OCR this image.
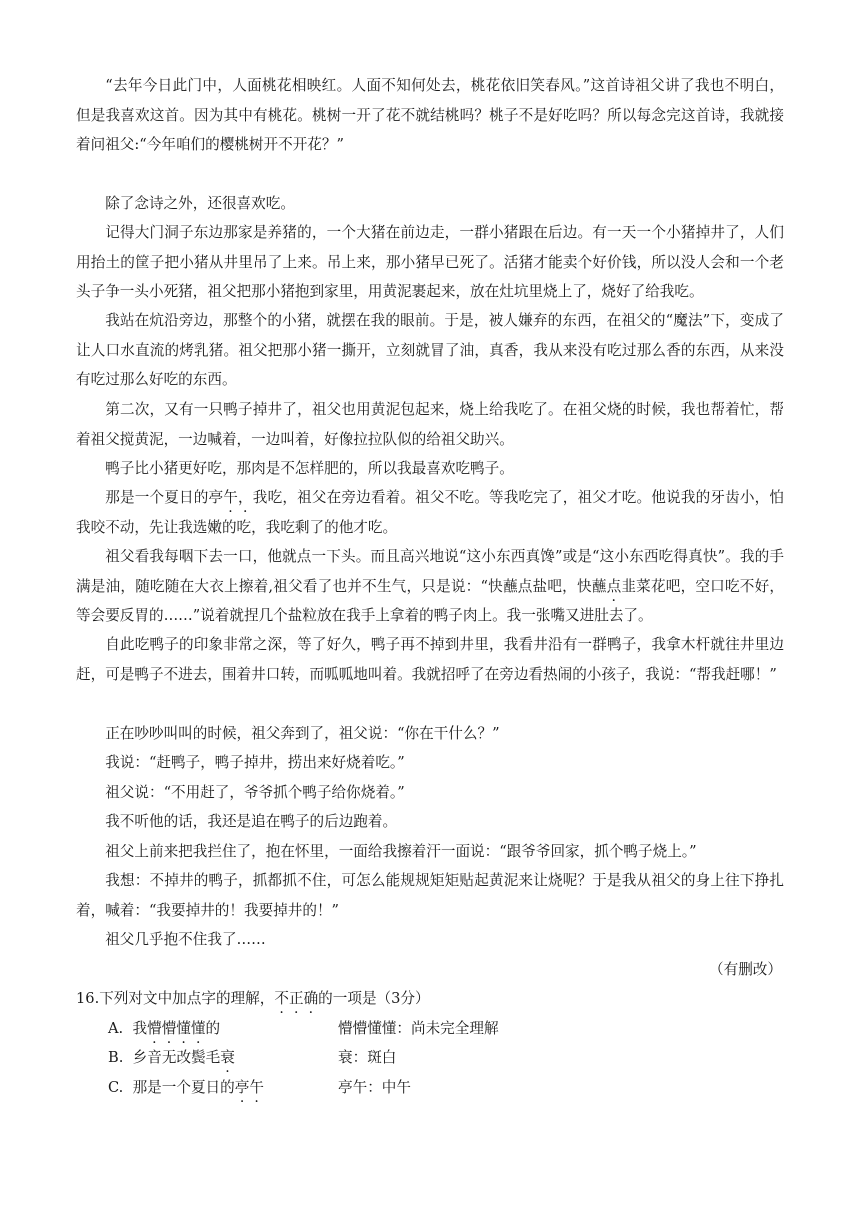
“去年今日此门中，人面桃花相映红。人面不知何处去，桃花依旧笑春风。”这首诗祖父讲了我也不明白，但是我喜欢这首。因为其中有桃花。桃树一开了花不就结桃吗？桃子不是好吃吗？所以每念完这首诗，我就接着问祖父:“今年咱们的樱桃树开不开花？”
除了念诗之外，还很喜欢吃。
记得大门洞子东边那家是养猪的，一个大猪在前边走，一群小猪跟在后边。有一天一个小猪掉井了，人们用抬土的筐子把小猪从井里吊了上来。吊上来，那小猪早已死了。活猪才能卖个好价钱，所以没人会和一个老头子争一头小死猪，祖父把那小猪抱到家里，用黄泥裹起来，放在灶坑里烧上了，烧好了给我吃。
我站在炕沿旁边，那整个的小猪，就摆在我的眼前。于是，被人嫌弃的东西，在祖父的“魔法”下，变成了让人口水直流的烤乳猪。祖父把那小猪一撕开，立刻就冒了油，真香，我从来没有吃过那么香的东西，从来没有吃过那么好吃的东西。
第二次，又有一只鸭子掉井了，祖父也用黄泥包起来，烧上给我吃了。在祖父烧的时候，我也帮着忙，帮着祖父搅黄泥，一边喊着，一边叫着，好像拉拉队似的给祖父助兴。
鸭子比小猪更好吃，那肉是不怎样肥的，所以我最喜欢吃鸭子。
那是一个夏日的亭午，我吃，祖父在旁边看着。祖父不吃。等我吃完了，祖父才吃。他说我的牙齿小，怕我咬不动，先让我选嫩的吃，我吃剩了的他才吃。
祖父看我每咽下去一口，他就点一下头。而且高兴地说“这小东西真馋”或是“这小东西吃得真快”。我的手满是油，随吃随在大衣上擦着,祖父看了也并不生气，只是说：“快蘸点盐吧，快蘸点韭菜花吧，空口吃不好，等会要反胃的……”说着就捏几个盐粒放在我手上拿着的鸭子肉上。我一张嘴又进肚去了。
自此吃鸭子的印象非常之深，等了好久，鸭子再不掉到井里，我看井沿有一群鸭子，我拿木杆就往井里边赶，可是鸭子不进去，围着井口转，而呱呱地叫着。我就招呼了在旁边看热闹的小孩子，我说：“帮我赶哪！”
正在吵吵叫叫的时候，祖父奔到了，祖父说：“你在干什么？”
我说：“赶鸭子，鸭子掉井，捞出来好烧着吃。”
祖父说：“不用赶了，爷爷抓个鸭子给你烧着。”
我不听他的话，我还是追在鸭子的后边跑着。
祖父上前来把我拦住了，抱在怀里，一面给我擦着汗一面说：“跟爷爷回家，抓个鸭子烧上。”
我想：不掉井的鸭子，抓都抓不住，可怎么能规规矩矩贴起黄泥来让烧呢？于是我从祖父的身上往下挣扎着，喊着：“我要掉井的！我要掉井的！”
祖父几乎抱不住我了……
（有删改）
16.下列对文中加点字的理解，不正确的一项是（3分）
A. 我懵懵懂懂的	懵懵懂懂：尚未完全理解
B. 乡音无改鬓毛衰	衰：斑白
C. 那是一个夏日的亭午	亭午：中午
